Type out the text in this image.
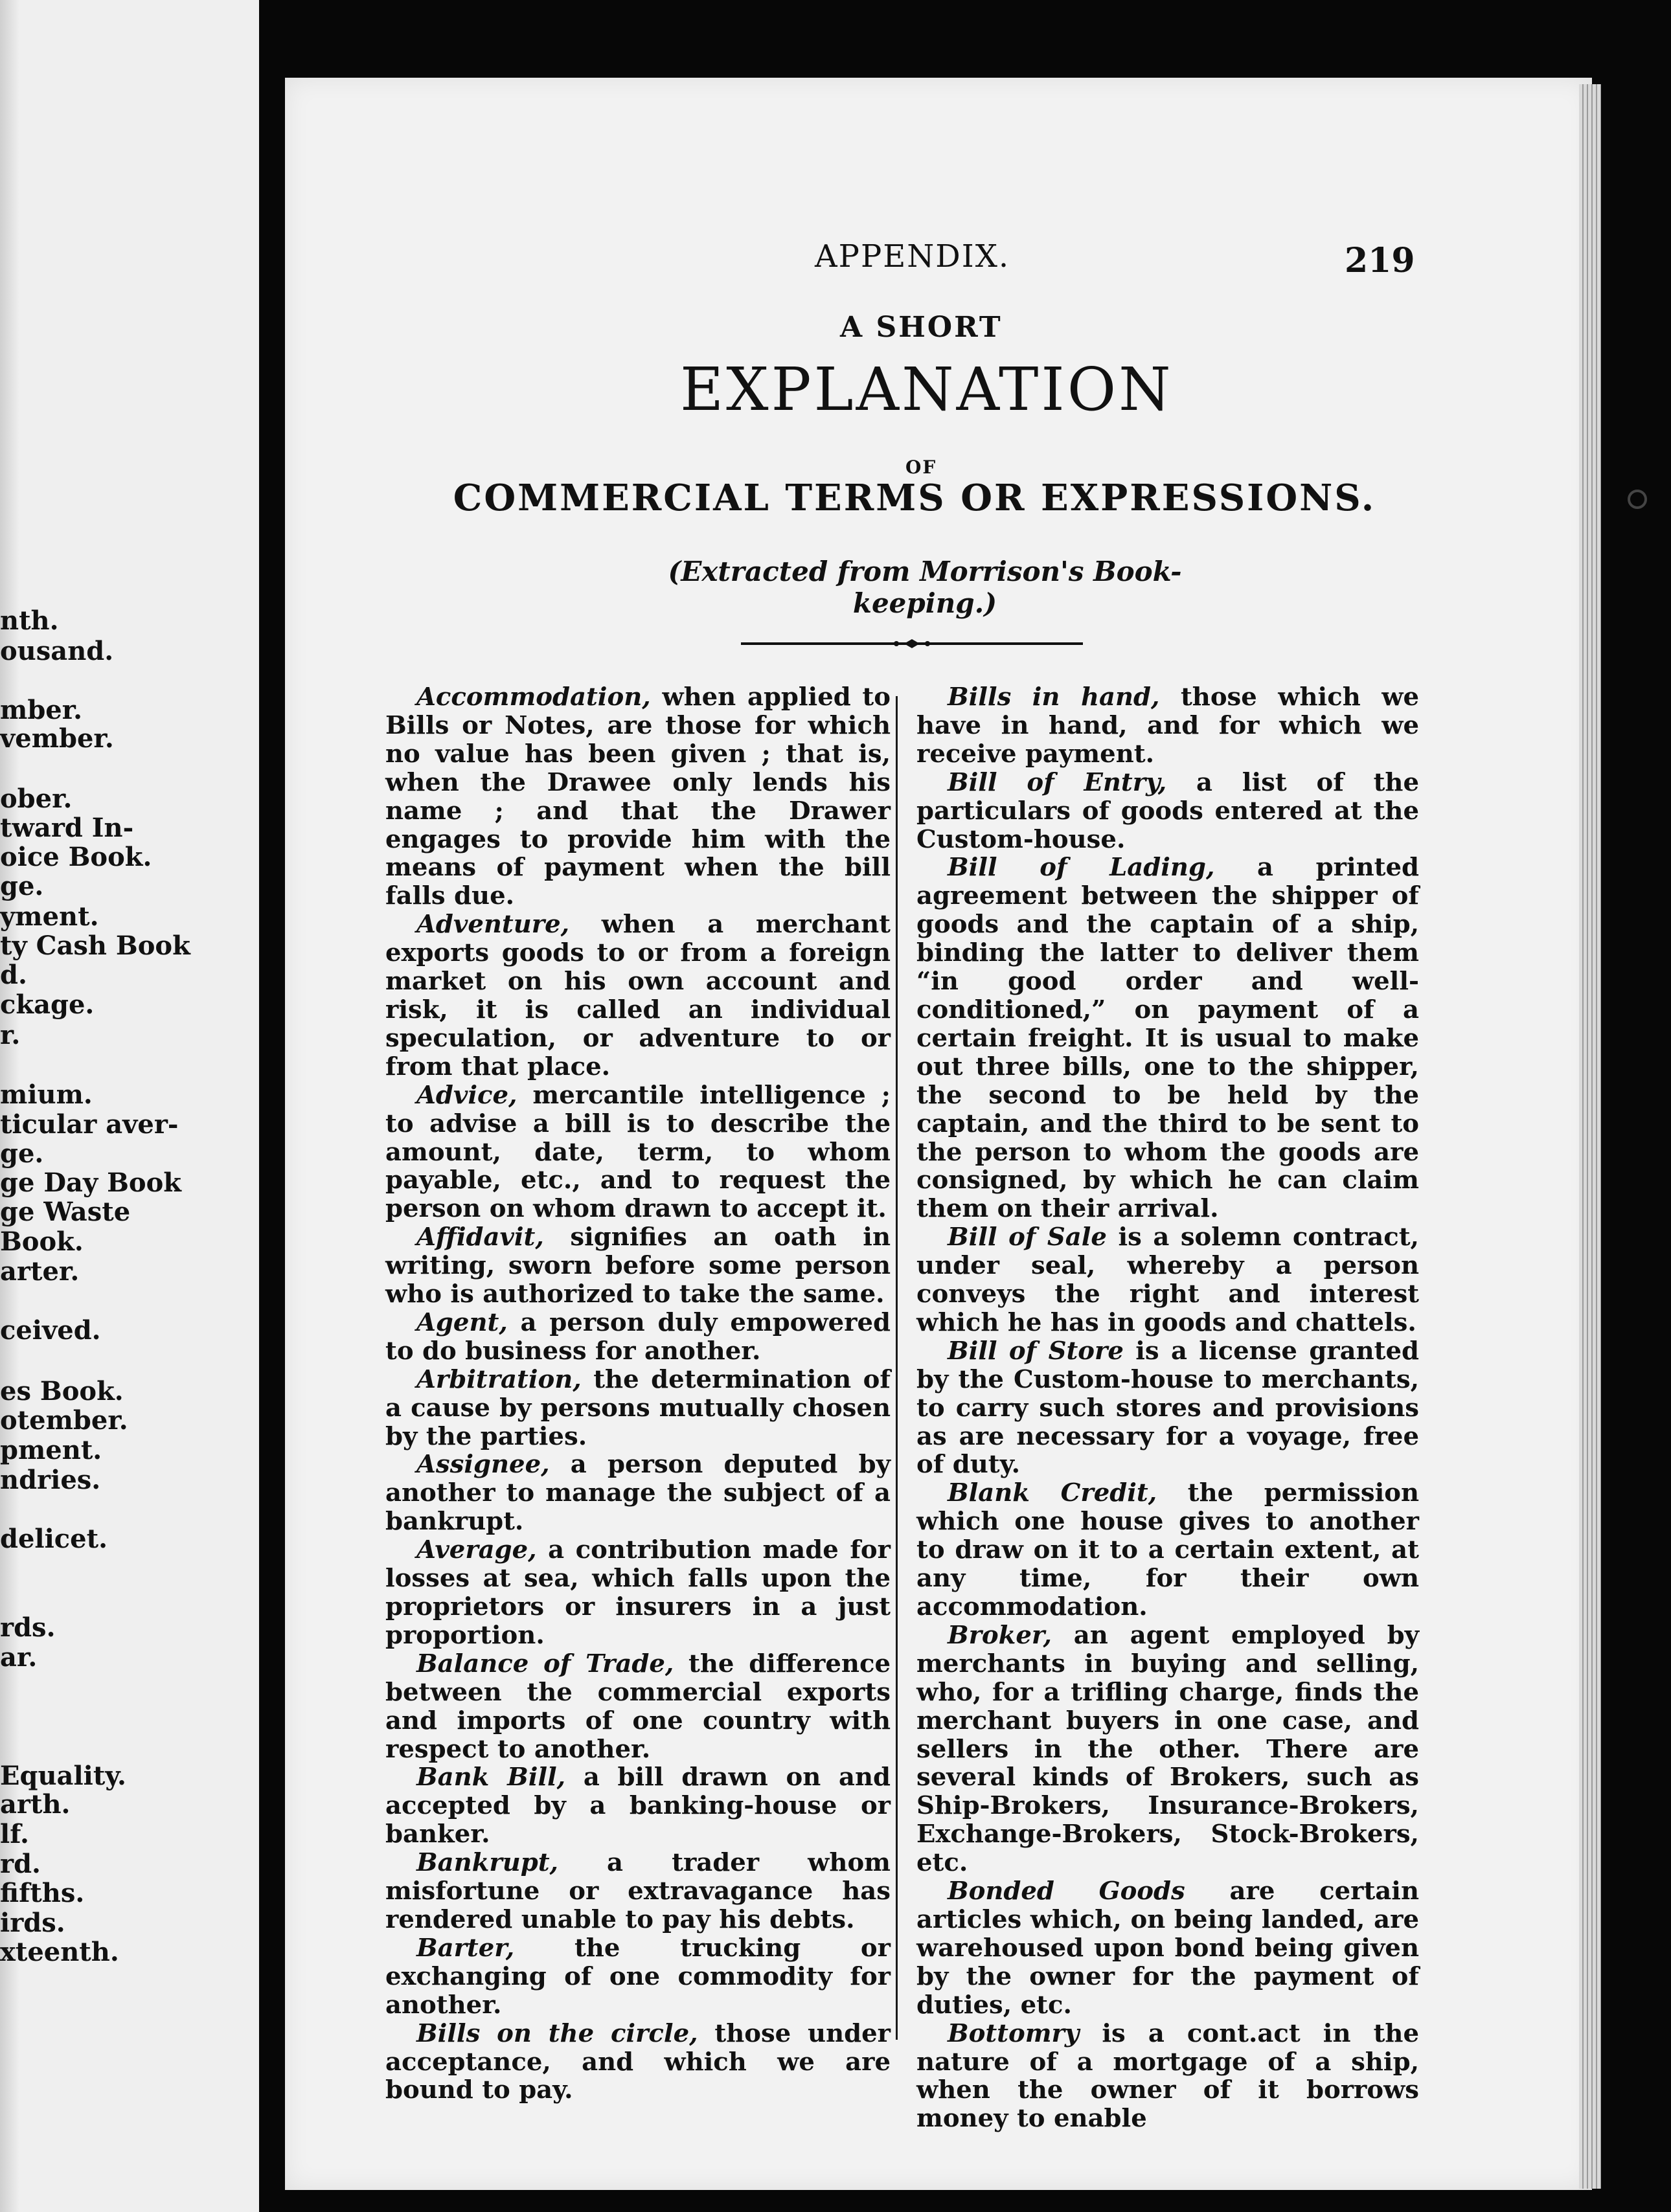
nth.
ousand.
mber.
vember.
ober.
tward In-
oice Book.
ge.
yment.
ty Cash Book
d.
ckage.
r.
mium.
ticular aver-
ge.
ge Day Book
ge Waste
Book.
arter.
ceived.
es Book.
otember.
pment.
ndries.
delicet.
rds.
ar.
Equality.
arth.
lf.
rd.
fifths.
irds.
xteenth.
APPENDIX.	219
A SHORT
EXPLANATION
OF
COMMERCIAL TERMS OR EXPRESSIONS.
(Extracted from Morrison's Book-keeping.)

Accommodation, when applied to Bills or Notes, are those for which no value has been given ; that is, when the Drawee only lends his name ; and that the Drawer engages to provide him with the means of payment when the bill falls due.

Adventure, when a merchant exports goods to or from a foreign market on his own account and risk, it is called an individual speculation, or adventure to or from that place.

Advice, mercantile intelligence ; to advise a bill is to describe the amount, date, term, to whom payable, etc., and to request the person on whom drawn to accept it.

Affidavit, signifies an oath in writing, sworn before some person who is authorized to take the same.

Agent, a person duly empowered to do business for another.

Arbitration, the determination of a cause by persons mutually chosen by the parties.

Assignee, a person deputed by another to manage the subject of a bankrupt.

Average, a contribution made for losses at sea, which falls upon the proprietors or insurers in a just proportion.

Balance of Trade, the difference between the commercial exports and imports of one country with respect to another.

Bank Bill, a bill drawn on and accepted by a banking-house or banker.

Bankrupt, a trader whom misfortune or extravagance has rendered unable to pay his debts.

Barter, the trucking or exchanging of one commodity for another.

Bills on the circle, those under acceptance, and which we are bound to pay.

Bills in hand, those which we have in hand, and for which we receive payment.

Bill of Entry, a list of the particulars of goods entered at the Custom-house.

Bill of Lading, a printed agreement between the shipper of goods and the captain of a ship, binding the latter to deliver them “in good order and well-conditioned,” on payment of a certain freight. It is usual to make out three bills, one to the shipper, the second to be held by the captain, and the third to be sent to the person to whom the goods are consigned, by which he can claim them on their arrival.

Bill of Sale is a solemn contract, under seal, whereby a person conveys the right and interest which he has in goods and chattels.

Bill of Store is a license granted by the Custom-house to merchants, to carry such stores and provisions as are necessary for a voyage, free of duty.

Blank Credit, the permission which one house gives to another to draw on it to a certain extent, at any time, for their own accommodation.

Broker, an agent employed by merchants in buying and selling, who, for a trifling charge, finds the merchant buyers in one case, and sellers in the other. There are several kinds of Brokers, such as Ship-Brokers, Insurance-Brokers, Exchange-Brokers, Stock-Brokers, etc.

Bonded Goods are certain articles which, on being landed, are warehoused upon bond being given by the owner for the payment of duties, etc.

Bottomry is a cont.act in the nature of a mortgage of a ship, when the owner of it borrows money to enable
